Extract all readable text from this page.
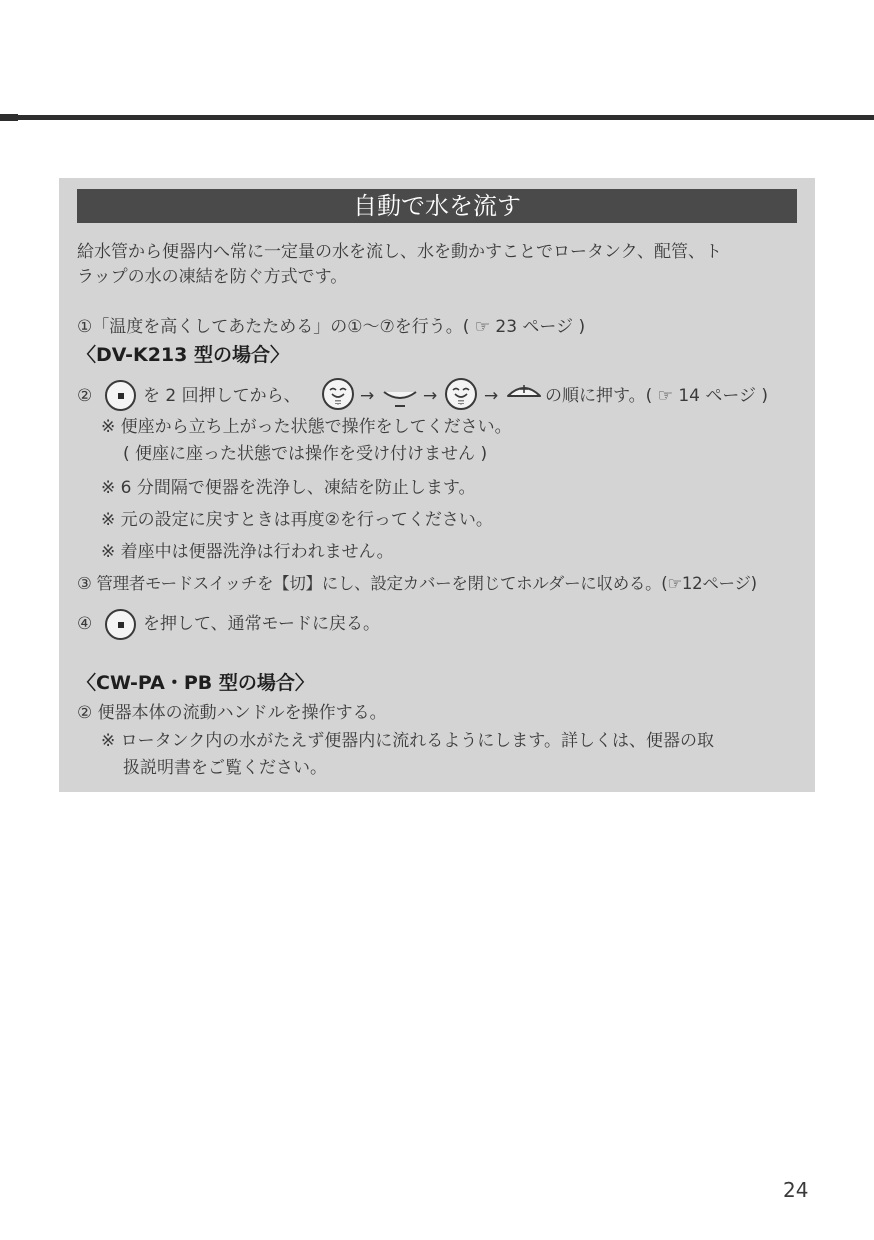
自動で水を流す
給水管から便器内へ常に一定量の水を流し、水を動かすことでロータンク、配管、ト
ラップの水の凍結を防ぐ方式です。
①「温度を高くしてあたためる」の①～⑦を行う。( ☞ 23 ページ )
〈DV-K213 型の場合〉
②	を 2 回押してから、	→	→	→	の順に押す。( ☞ 14 ページ )
※ 便座から立ち上がった状態で操作をしてください。
( 便座に座った状態では操作を受け付けません )
※ 6 分間隔で便器を洗浄し、凍結を防止します。
※ 元の設定に戻すときは再度②を行ってください。
※ 着座中は便器洗浄は行われません。
③ 管理者モードスイッチを【切】にし、設定カバーを閉じてホルダーに収める。(☞12ページ)
④	を押して、通常モードに戻る。
〈CW-PA・PB 型の場合〉
② 便器本体の流動ハンドルを操作する。
※ ロータンク内の水がたえず便器内に流れるようにします。詳しくは、便器の取
扱説明書をご覧ください。
24
